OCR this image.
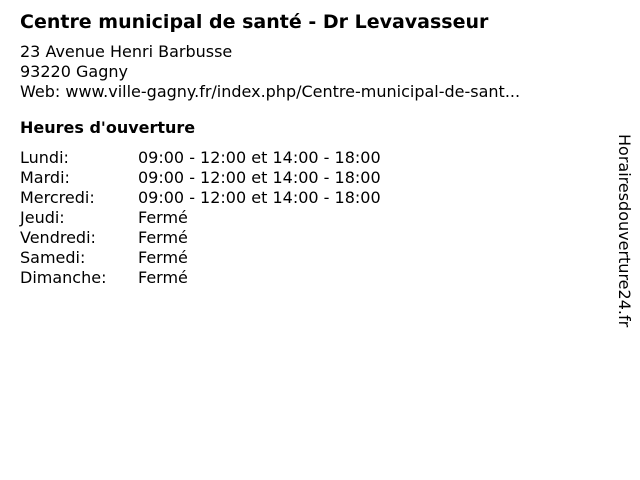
Centre municipal de santé - Dr Levavasseur
23 Avenue Henri Barbusse
93220 Gagny
Web: www.ville-gagny.fr/index.php/Centre-municipal-de-sant...
Heures d'ouverture
Lundi:	09:00 - 12:00 et 14:00 - 18:00
Mardi:	09:00 - 12:00 et 14:00 - 18:00
Mercredi:	09:00 - 12:00 et 14:00 - 18:00
Jeudi:	Fermé
Vendredi:	Fermé
Samedi:	Fermé
Dimanche:	Fermé	Horairesdouverture24.fr
